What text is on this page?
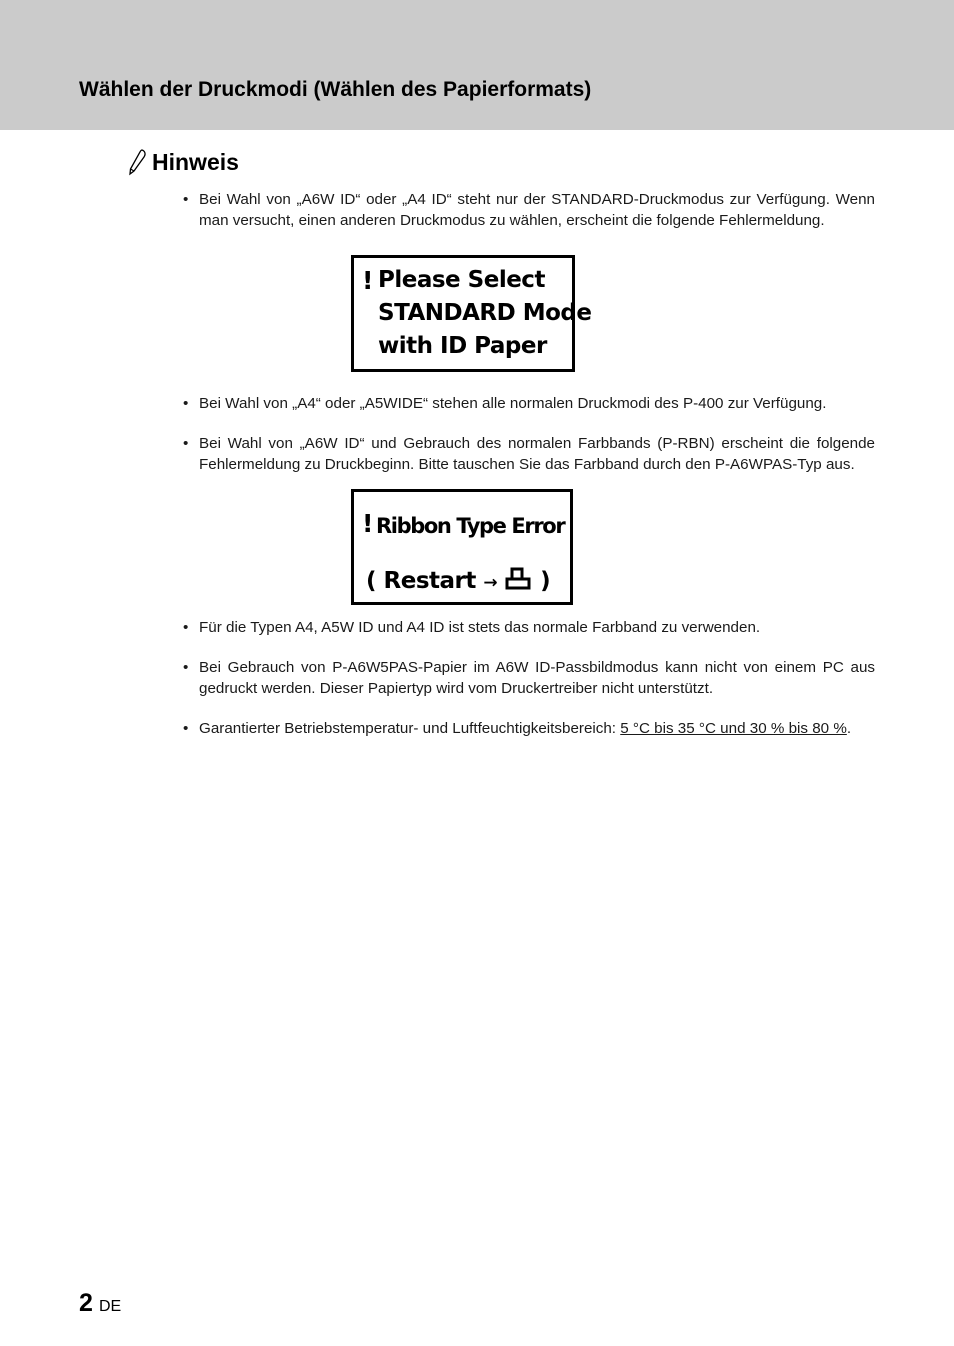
Wählen der Druckmodi (Wählen des Papierformats)
Hinweis
• Bei Wahl von „A6W ID“ oder „A4 ID“ steht nur der STANDARD-Druckmodus zur Verfügung. Wenn man versucht, einen anderen Druckmodus zu wählen, erscheint die folgende Fehlermeldung.
! Please Select
STANDARD Mode
with ID Paper
• Bei Wahl von „A4“ oder „A5WIDE“ stehen alle normalen Druckmodi des P-400 zur Verfügung.
• Bei Wahl von „A6W ID“ und Gebrauch des normalen Farbbands (P-RBN) erscheint die folgende Fehlermeldung zu Druckbeginn. Bitte tauschen Sie das Farbband durch den P-A6WPAS-Typ aus.
! Ribbon Type Error
( Restart →  )
• Für die Typen A4, A5W ID und A4 ID ist stets das normale Farbband zu verwenden.
• Bei Gebrauch von P-A6W5PAS-Papier im A6W ID-Passbildmodus kann nicht von einem PC aus gedruckt werden. Dieser Papiertyp wird vom Druckertreiber nicht unterstützt.
• Garantierter Betriebstemperatur- und Luftfeuchtigkeitsbereich: 5 °C bis 35 °C und 30 % bis 80 %.
2 DE
